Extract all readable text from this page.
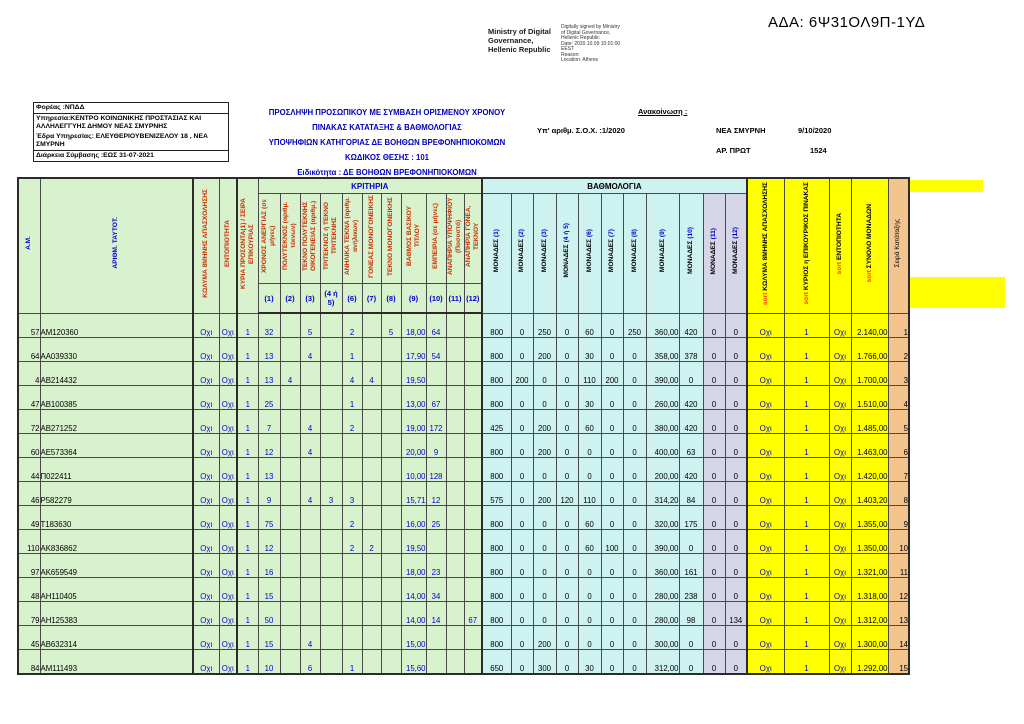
ΑΔΑ: 6Ψ31ΟΛ9Π-1ΥΔ
Ministry of Digital
Governance,
Hellenic Republic
Digitally signed by Ministry
of Digital Governance,
Hellenic Republic
Date: 2020.10.09 10:01:00
EEST
Reason:
Location: Athens
Φορέας :ΝΠΔΔ
Υπηρεσία:ΚΕΝΤΡΟ ΚΟΙΝΩΝΙΚΗΣ ΠΡΟΣΤΑΣΙΑΣ ΚΑΙ ΑΛΛΗΛΕΓΓΥΗΣ ΔΗΜΟΥ ΝΕΑΣ ΣΜΥΡΝΗΣ
Έδρα Υπηρεσίας: ΕΛΕΥΘΕΡΙΟΥΒΕΝΙΖΕΛΟΥ 18 , ΝΕΑ ΣΜΥΡΝΗ
Διάρκεια Σύμβασης :ΕΩΣ 31-07-2021
ΠΡΟΣΛΗΨΗ ΠΡΟΣΩΠΙΚΟΥ ΜΕ ΣΥΜΒΑΣΗ ΟΡΙΣΜΕΝΟΥ ΧΡΟΝΟΥ
ΠΙΝΑΚΑΣ ΚΑΤΑΤΑΞΗΣ & ΒΑΘΜΟΛΟΓΙΑΣ
ΥΠΟΨΗΦΙΩΝ ΚΑΤΗΓΟΡΙΑΣ ΔΕ ΒΟΗΘΩΝ ΒΡΕΦΟΝΗΠΙΟΚΟΜΩΝ
ΚΩΔΙΚΟΣ ΘΕΣΗΣ : 101
Ειδικότητα : ΔΕ ΒΟΗΘΩΝ ΒΡΕΦΟΝΗΠΙΟΚΟΜΩΝ
Ανακοίνωση :
Υπ' αριθμ. Σ.Ο.Χ. :1/2020	ΝΕΑ ΣΜΥΡΝΗ	9/10/2020
ΑΡ. ΠΡΩΤ	1524
Α.Μ.	ΑΡΙΘΜ. ΤΑΥΤΟΤ.	ΚΩΛΥΜΑ 8ΜΗΝΗΣ ΑΠΑΣΧΟΛΗΣΗΣ	ΕΝΤΟΠΙΟΤΗΤΑ	ΚΥΡΙΑ ΠΡΟΣΟΝΤΑ(1) / ΣΕΙΡΑ ΕΠΙΚΟΥΡΙΑΣ	ΚΡΙΤΗΡΙΑ											ΒΑΘΜΟΛΟΓΙΑ											sort ΚΩΛΥΜΑ 8ΜΗΝΗΣ ΑΠΑΣΧΟΛΗΣΗΣ	sort ΚΥΡΙΟΣ η ΕΠΙΚΟΥΡΙΚΟΣ ΠΙΝΑΚΑΣ	sort ΕΝΤΟΠΙΟΤΗΤΑ	sort ΣΥΝΟΛΟ ΜΟΝΑΔΩΝ	Σειρά Κατάταξης
					ΧΡΟΝΟΣ ΑΝΕΡΓΙΑΣ (σε μήνες)	ΠΟΛΥΤΕΚΝΟΣ (αριθμ. τέκνων)	ΤΕΚΝΟ ΠΟΛΥΤΕΚΝΗΣ ΟΙΚΟΓΕΝΕΙΑΣ (αριθμ.)	ΤΡΙΤΕΚΝΟΣ ή ΤΕΚΝΟ ΤΡΙΤΕΚΝΗΣ	ΑΝΗΛΙΚΑ ΤΕΚΝΑ (αριθμ. ανήλικων)	ΓΟΝΕΑΣ ΜΟΝΟΓΟΝΕΙΚΗΣ	ΤΕΚΝΟ ΜΟΝΟΓΟΝΕΙΚΗΣ	ΒΑΘΜΟΣ ΒΑΣΙΚΟΥ ΤΙΤΛΟΥ	ΕΜΠΕΙΡΙΑ (σε μήνες)	ΑΝΑΠΗΡΙΑ ΥΠΟΨΗΦΙΟΥ (Ποσοστό)	ΑΝΑΠΗΡΙΑ ΓΟΝΕΑ, ΤΕΚΝΟΥ	ΜΟΝΑΔΕΣ (1)	ΜΟΝΑΔΕΣ (2)	ΜΟΝΑΔΕΣ (3)	ΜΟΝΑΔΕΣ (4 ή 5)	ΜΟΝΑΔΕΣ (6)	ΜΟΝΑΔΕΣ (7)	ΜΟΝΑΔΕΣ (8)	ΜΟΝΑΔΕΣ (9)	ΜΟΝΑΔΕΣ (10)	ΜΟΝΑΔΕΣ (11)	ΜΟΝΑΔΕΣ (12)					
					(1)	(2)	(3)	(4 ή 5)	(6)	(7)	(8)	(9)	(10)	(11)	(12)																
57	AM120360	Οχι	Οχι	1	32		5		2		5	18,00	64			800	0	250	0	60	0	250	360,00	420	0	0	Οχι	1	Οχι	2.140,00	1
64	AA039330	Οχι	Οχι	1	13		4		1			17,90	54			800	0	200	0	30	0	0	358,00	378	0	0	Οχι	1	Οχι	1.766,00	2
4	AB214432	Οχι	Οχι	1	13	4			4	4		19,50				800	200	0	0	110	200	0	390,00	0	0	0	Οχι	1	Οχι	1.700,00	3
47	AB100385	Οχι	Οχι	1	25				1			13,00	67			800	0	0	0	30	0	0	260,00	420	0	0	Οχι	1	Οχι	1.510,00	4
72	AB271252	Οχι	Οχι	1	7		4		2			19,00	172			425	0	200	0	60	0	0	380,00	420	0	0	Οχι	1	Οχι	1.485,00	5
60	AE573364	Οχι	Οχι	1	12		4					20,00	9			800	0	200	0	0	0	0	400,00	63	0	0	Οχι	1	Οχι	1.463,00	6
44	Π022411	Οχι	Οχι	1	13							10,00	128			800	0	0	0	0	0	0	200,00	420	0	0	Οχι	1	Οχι	1.420,00	7
46	P582279	Οχι	Οχι	1	9		4	3	3			15,71	12			575	0	200	120	110	0	0	314,20	84	0	0	Οχι	1	Οχι	1.403,20	8
49	T183630	Οχι	Οχι	1	75				2			16,00	25			800	0	0	0	60	0	0	320,00	175	0	0	Οχι	1	Οχι	1.355,00	9
110	AK836862	Οχι	Οχι	1	12				2	2		19,50				800	0	0	0	60	100	0	390,00	0	0	0	Οχι	1	Οχι	1.350,00	10
97	AK659549	Οχι	Οχι	1	16							18,00	23			800	0	0	0	0	0	0	360,00	161	0	0	Οχι	1	Οχι	1.321,00	11
48	AH110405	Οχι	Οχι	1	15							14,00	34			800	0	0	0	0	0	0	280,00	238	0	0	Οχι	1	Οχι	1.318,00	12
79	AH125383	Οχι	Οχι	1	50							14,00	14		67	800	0	0	0	0	0	0	280,00	98	0	134	Οχι	1	Οχι	1.312,00	13
45	AB632314	Οχι	Οχι	1	15		4					15,00				800	0	200	0	0	0	0	300,00	0	0	0	Οχι	1	Οχι	1.300,00	14
84	AM111493	Οχι	Οχι	1	10		6		1			15,60				650	0	300	0	30	0	0	312,00	0	0	0	Οχι	1	Οχι	1.292,00	15
